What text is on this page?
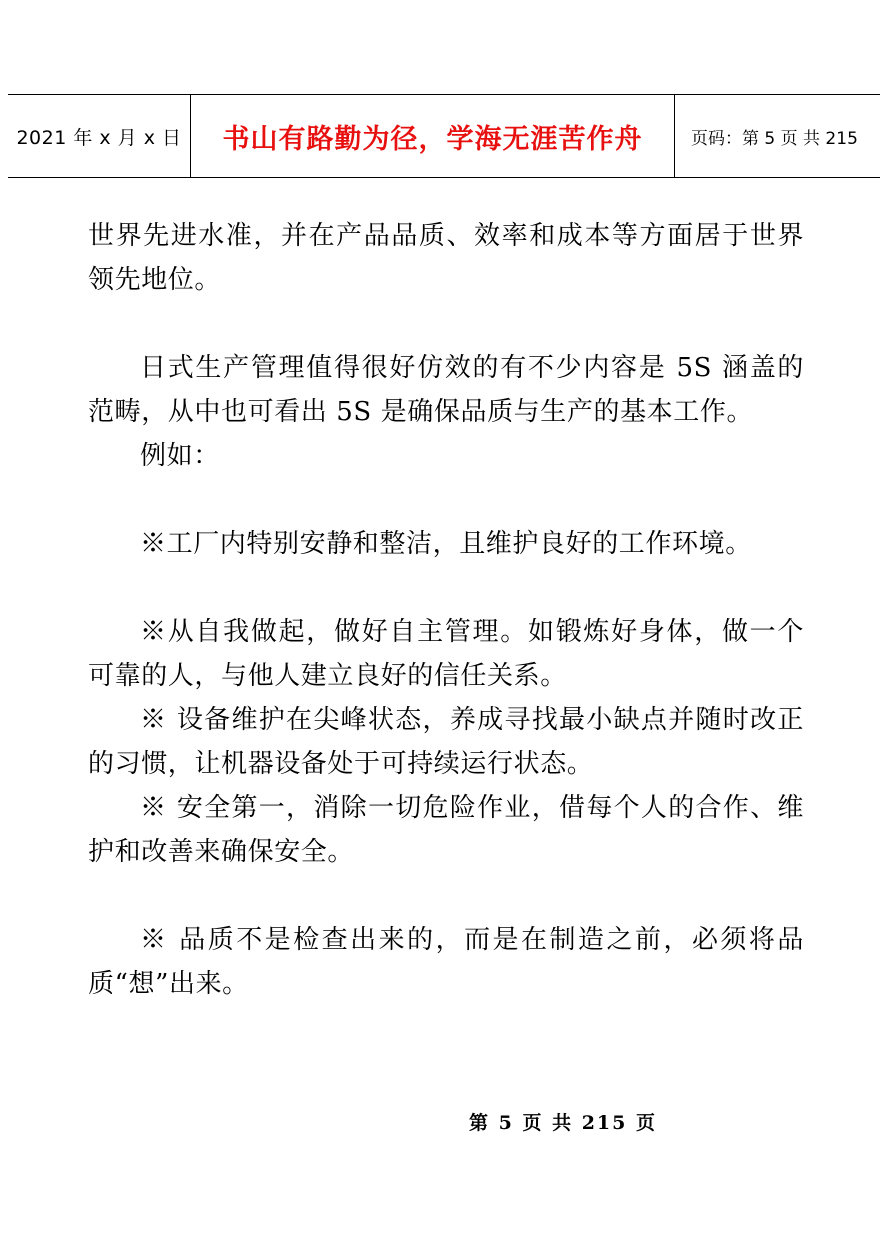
2021 年 x 月 x 日 书山有路勤为径，学海无涯苦作舟	页码：第 5 页 共 215

世界先进水准，并在产品品质、效率和成本等方面居于世界领先地位。

日式生产管理值得很好仿效的有不少内容是 5S 涵盖的范畴，从中也可看出 5S 是确保品质与生产的基本工作。

例如：

※工厂内特别安静和整洁，且维护良好的工作环境。

※从自我做起，做好自主管理。如锻炼好身体，做一个可靠的人，与他人建立良好的信任关系。

※ 设备维护在尖峰状态，养成寻找最小缺点并随时改正的习惯，让机器设备处于可持续运行状态。

※ 安全第一，消除一切危险作业，借每个人的合作、维护和改善来确保安全。

※ 品质不是检查出来的，而是在制造之前，必须将品质“想”出来。

第 5 页 共 215 页
